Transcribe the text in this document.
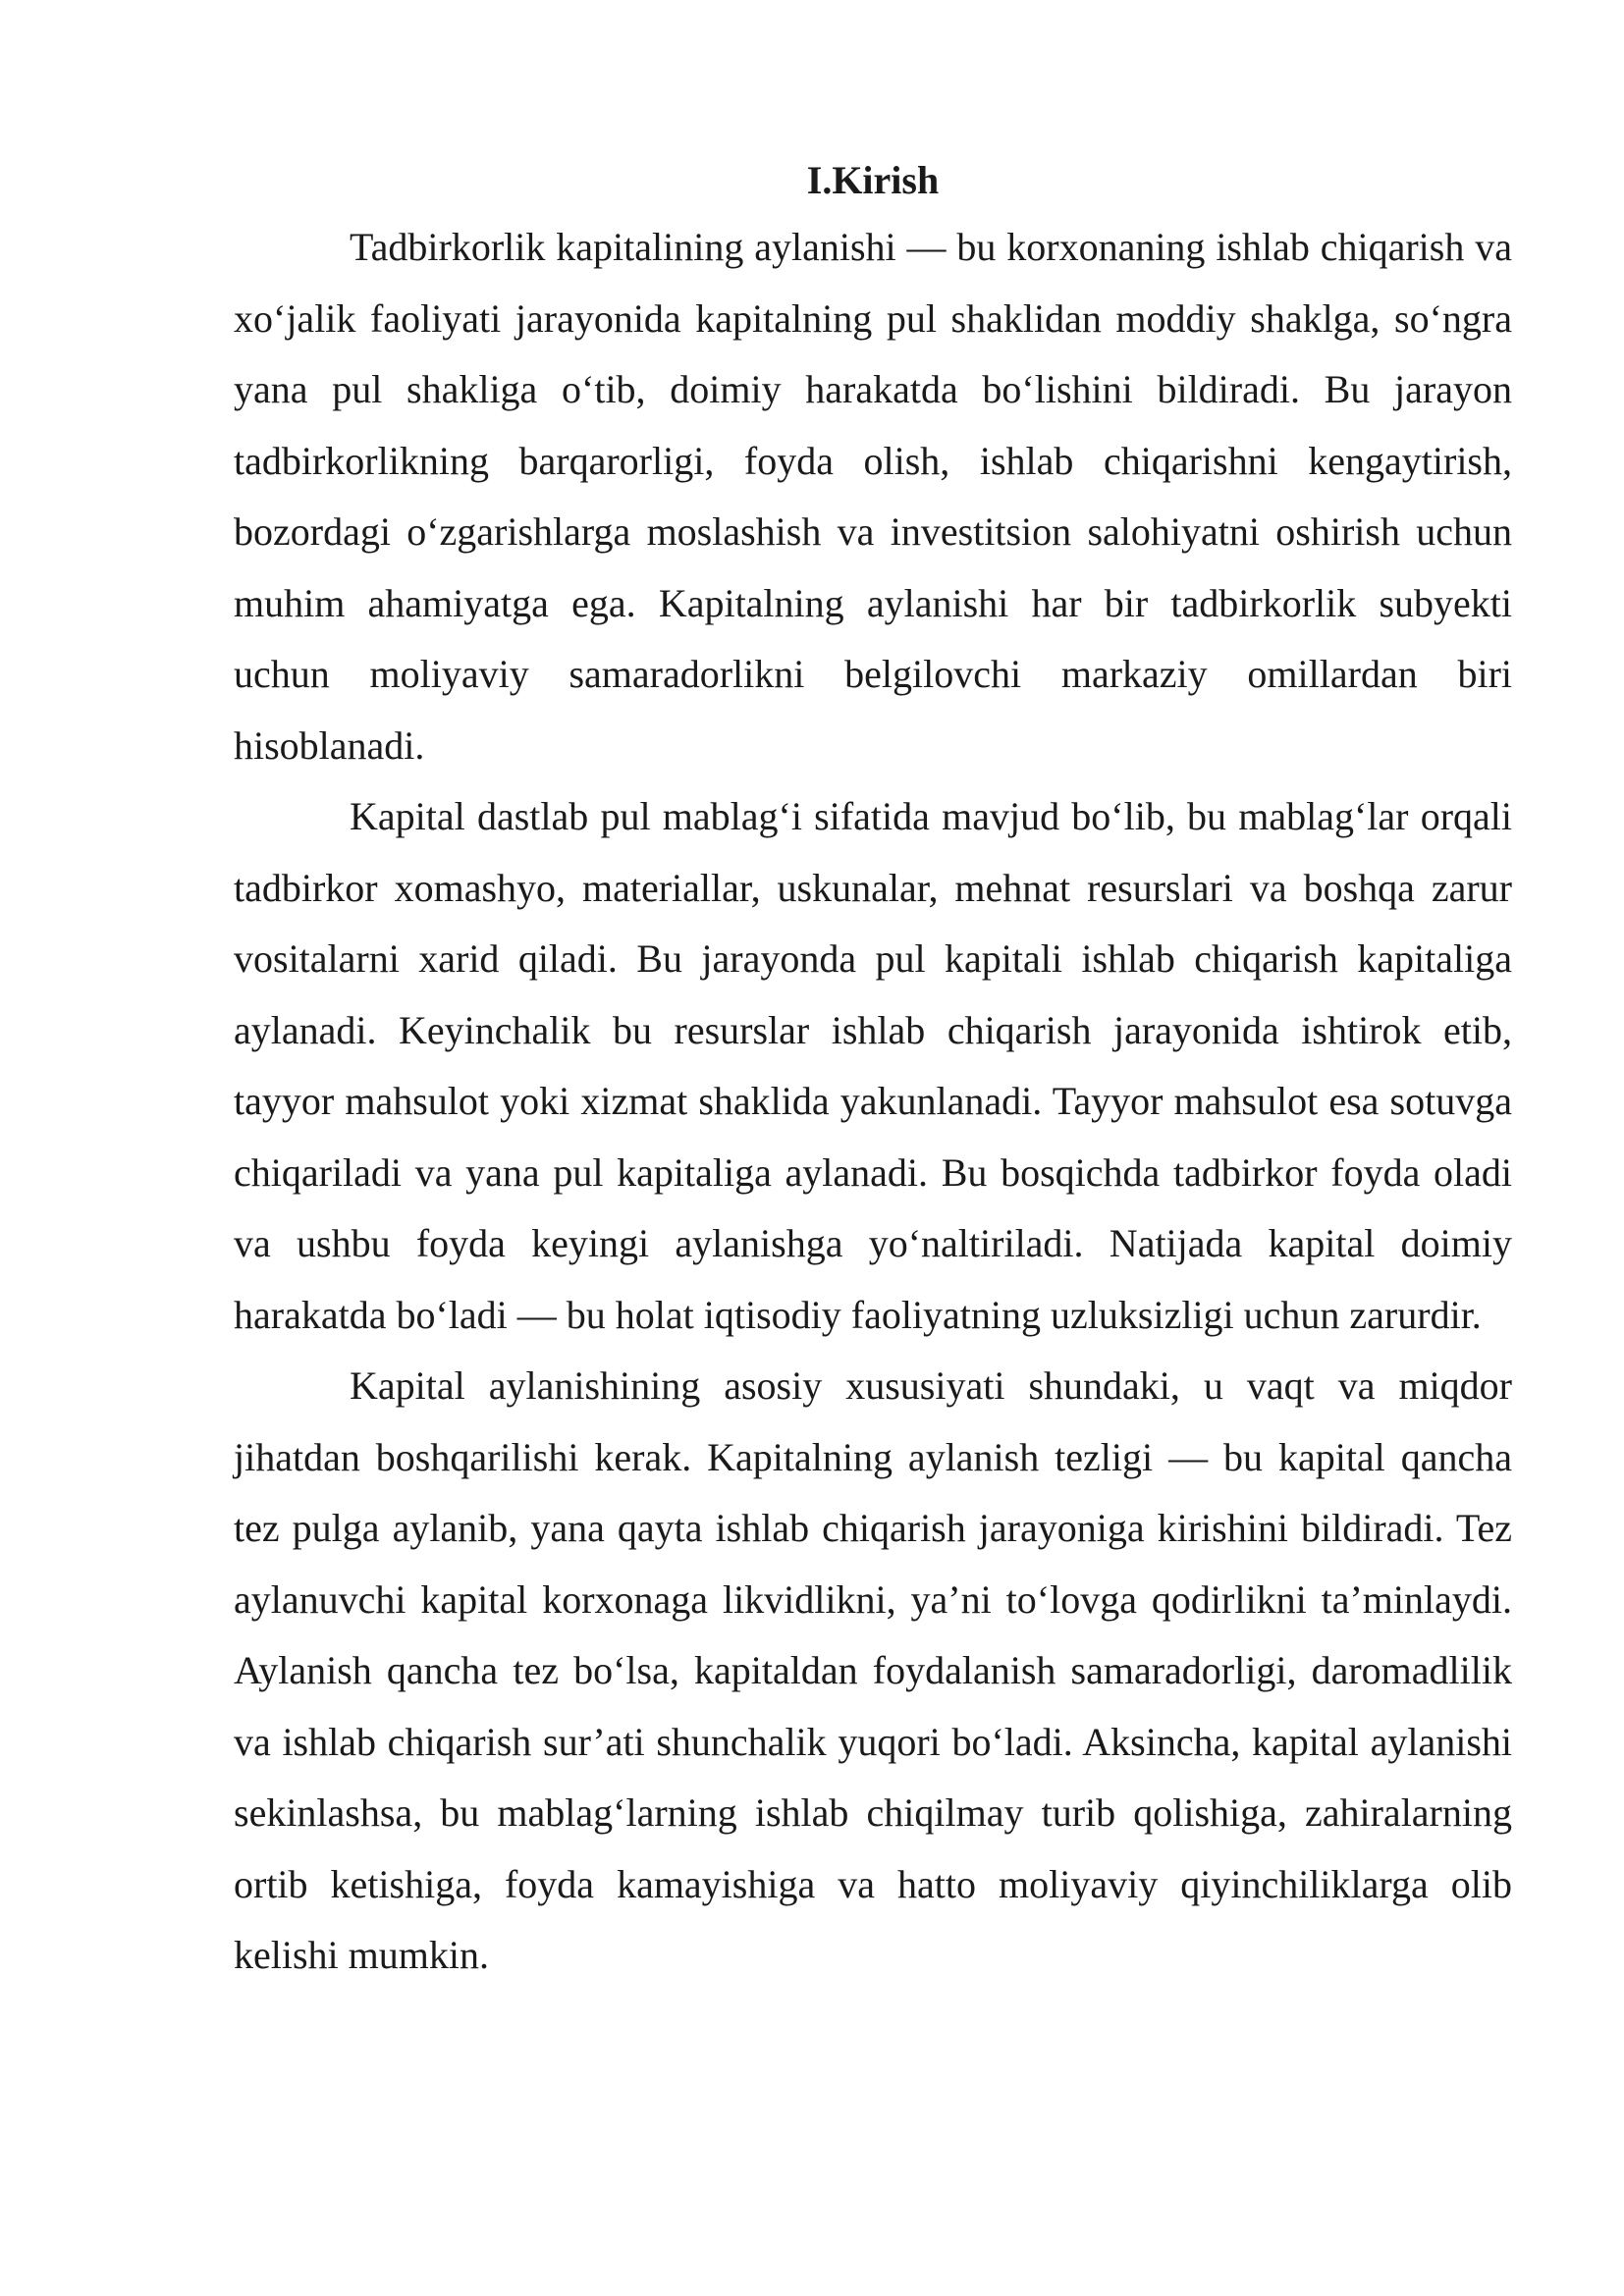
I.Kirish

Tadbirkorlik kapitalining aylanishi — bu korxonaning ishlab chiqarish va xo‘jalik faoliyati jarayonida kapitalning pul shaklidan moddiy shaklga, so‘ngra yana pul shakliga o‘tib, doimiy harakatda bo‘lishini bildiradi. Bu jarayon tadbirkorlikning barqarorligi, foyda olish, ishlab chiqarishni kengaytirish, bozordagi o‘zgarishlarga moslashish va investitsion salohiyatni oshirish uchun muhim ahamiyatga ega. Kapitalning aylanishi har bir tadbirkorlik subyekti uchun moliyaviy samaradorlikni belgilovchi markaziy omillardan biri hisoblanadi.

Kapital dastlab pul mablag‘i sifatida mavjud bo‘lib, bu mablag‘lar orqali tadbirkor xomashyo, materiallar, uskunalar, mehnat resurslari va boshqa zarur vositalarni xarid qiladi. Bu jarayonda pul kapitali ishlab chiqarish kapitaliga aylanadi. Keyinchalik bu resurslar ishlab chiqarish jarayonida ishtirok etib, tayyor mahsulot yoki xizmat shaklida yakunlanadi. Tayyor mahsulot esa sotuvga chiqariladi va yana pul kapitaliga aylanadi. Bu bosqichda tadbirkor foyda oladi va ushbu foyda keyingi aylanishga yo‘naltiriladi. Natijada kapital doimiy harakatda bo‘ladi — bu holat iqtisodiy faoliyatning uzluksizligi uchun zarurdir.

Kapital aylanishining asosiy xususiyati shundaki, u vaqt va miqdor jihatdan boshqarilishi kerak. Kapitalning aylanish tezligi — bu kapital qancha tez pulga aylanib, yana qayta ishlab chiqarish jarayoniga kirishini bildiradi. Tez aylanuvchi kapital korxonaga likvidlikni, ya’ni to‘lovga qodirlikni ta’minlaydi. Aylanish qancha tez bo‘lsa, kapitaldan foydalanish samaradorligi, daromadlilik va ishlab chiqarish sur’ati shunchalik yuqori bo‘ladi. Aksincha, kapital aylanishi sekinlashsa, bu mablag‘larning ishlab chiqilmay turib qolishiga, zahiralarning ortib ketishiga, foyda kamayishiga va hatto moliyaviy qiyinchiliklarga olib kelishi mumkin.
